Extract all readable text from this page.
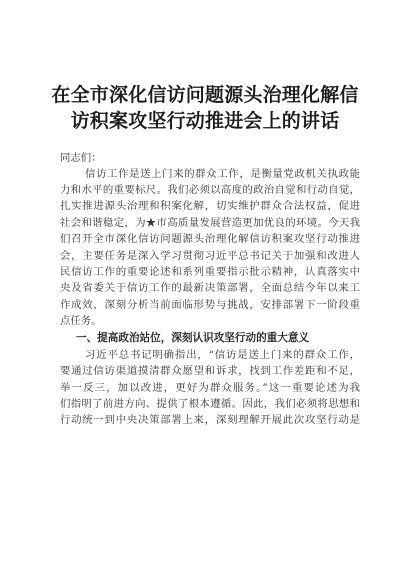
在全市深化信访问题源头治理化解信
访积案攻坚行动推进会上的讲话
同志们：
信访工作是送上门来的群众工作，是衡量党政机关执政能
力和水平的重要标尺。我们必须以高度的政治自觉和行动自觉，
扎实推进源头治理和积案化解，切实维护群众合法权益，促进
社会和谐稳定，为★市高质量发展营造更加优良的环境。今天我
们召开全市深化信访问题源头治理化解信访积案攻坚行动推进
会，主要任务是深入学习贯彻习近平总书记关于加强和改进人
民信访工作的重要论述和系列重要指示批示精神，认真落实中
央及省委关于信访工作的最新决策部署，全面总结今年以来工
作成效，深刻分析当前面临形势与挑战，安排部署下一阶段重
点任务。
一、提高政治站位，深刻认识攻坚行动的重大意义
习近平总书记明确指出，“信访是送上门来的群众工作，
要通过信访渠道摸清群众愿望和诉求，找到工作差距和不足，
举一反三，加以改进，更好为群众服务。”这一重要论述为我
们指明了前进方向、提供了根本遵循。因此，我们必须将思想和
行动统一到中央决策部署上来，深刻理解开展此次攻坚行动是
